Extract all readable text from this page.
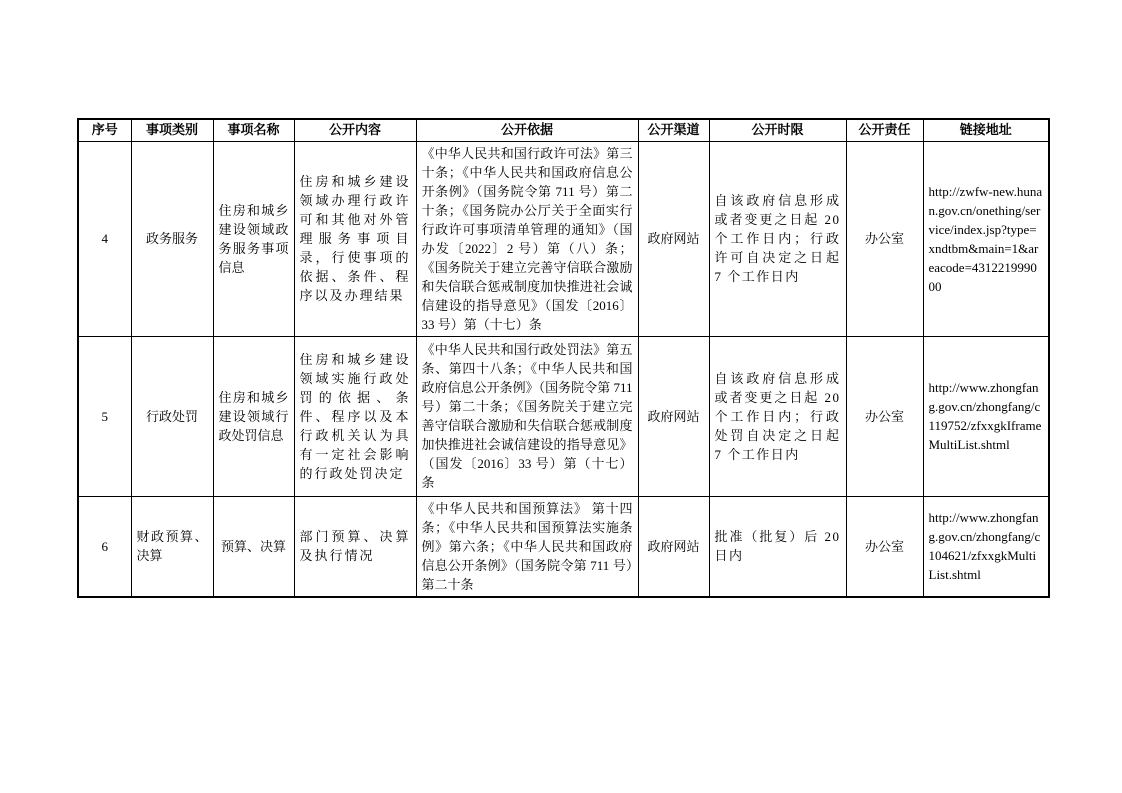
序号	事项类别	事项名称	公开内容	公开依据	公开渠道	公开时限	公开责任	链接地址
4	政务服务	住房和城乡建设领域政务服务事项信息	住房和城乡建设领域办理行政许可和其他对外管理服务事项目录，行使事项的依据、条件、程序以及办理结果	《中华人民共和国行政许可法》第三十条；《中华人民共和国政府信息公开条例》（国务院令第 711 号）第二十条；《国务院办公厅关于全面实行行政许可事项清单管理的通知》（国办发〔2022〕2 号）第（八）条；《国务院关于建立完善守信联合激励和失信联合惩戒制度加快推进社会诚信建设的指导意见》（国发〔2016〕33 号）第（十七）条	政府网站	自该政府信息形成或者变更之日起 20 个工作日内；行政许可自决定之日起 7 个工作日内	办公室	http://zwfw-new.hunan.gov.cn/onething/service/index.jsp?type=xndtbm&main=1&areacode=431221999000
5	行政处罚	住房和城乡建设领域行政处罚信息	住房和城乡建设领域实施行政处罚的依据、条件、程序以及本行政机关认为具有一定社会影响的行政处罚决定	《中华人民共和国行政处罚法》第五条、第四十八条；《中华人民共和国政府信息公开条例》（国务院令第 711 号）第二十条；《国务院关于建立完善守信联合激励和失信联合惩戒制度加快推进社会诚信建设的指导意见》（国发〔2016〕33 号）第（十七）条	政府网站	自该政府信息形成或者变更之日起 20 个工作日内；行政处罚自决定之日起 7 个工作日内	办公室	http://www.zhongfang.gov.cn/zhongfang/c119752/zfxxgkIframeMultiList.shtml
6	财政预算、决算	预算、决算	部门预算、决算及执行情况	《中华人民共和国预算法》 第十四条；《中华人民共和国预算法实施条例》第六条；《中华人民共和国政府信息公开条例》（国务院令第 711 号）第二十条	政府网站	批准（批复）后 20 日内	办公室	http://www.zhongfang.gov.cn/zhongfang/c104621/zfxxgkMultiList.shtml
